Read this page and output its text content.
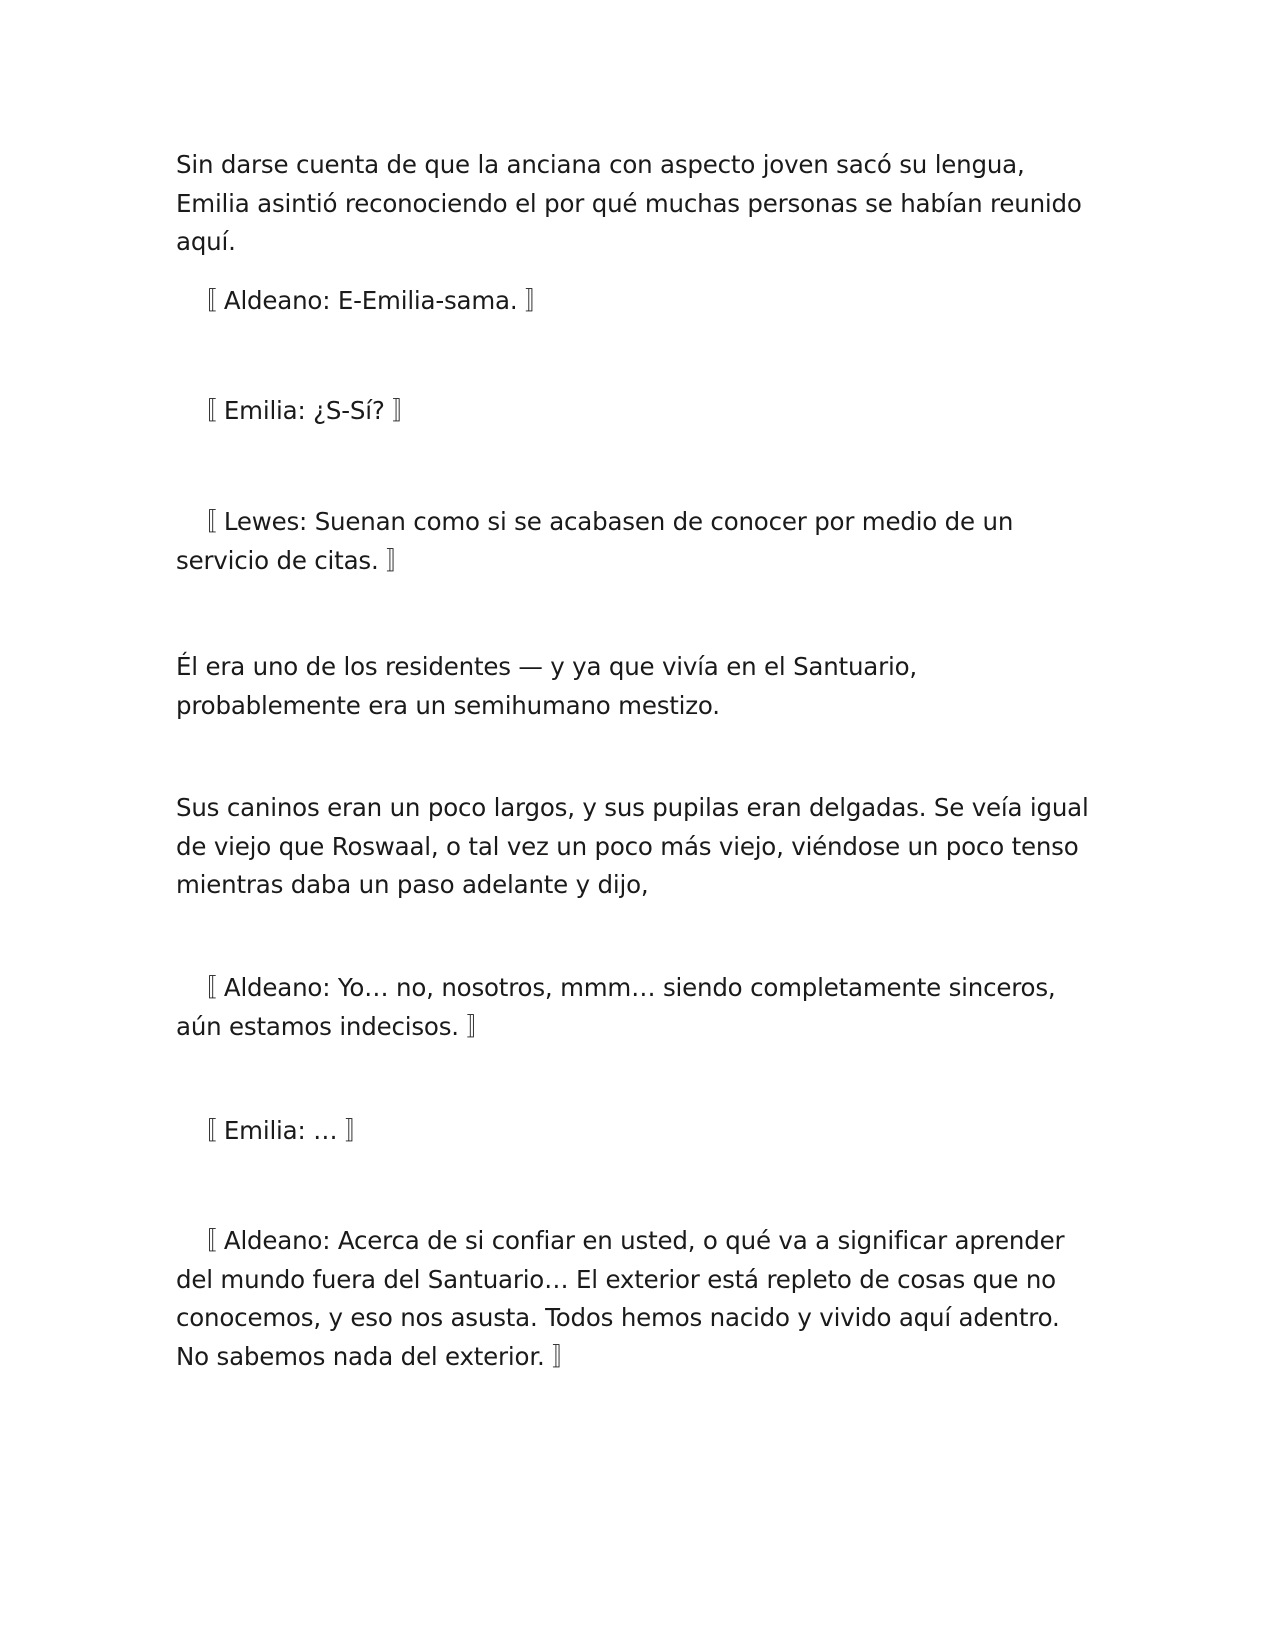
Sin darse cuenta de que la anciana con aspecto joven sacó su lengua, Emilia asintió reconociendo el por qué muchas personas se habían reunido aquí.

〚 Aldeano: E-Emilia-sama. 〛

〚 Emilia: ¿S-Sí? 〛

〚 Lewes: Suenan como si se acabasen de conocer por medio de un servicio de citas. 〛

Él era uno de los residentes — y ya que vivía en el Santuario, probablemente era un semihumano mestizo.

Sus caninos eran un poco largos, y sus pupilas eran delgadas. Se veía igual de viejo que Roswaal, o tal vez un poco más viejo, viéndose un poco tenso mientras daba un paso adelante y dijo,

〚 Aldeano: Yo… no, nosotros, mmm… siendo completamente sinceros, aún estamos indecisos. 〛

〚 Emilia: … 〛

〚 Aldeano: Acerca de si confiar en usted, o qué va a significar aprender del mundo fuera del Santuario… El exterior está repleto de cosas que no conocemos, y eso nos asusta. Todos hemos nacido y vivido aquí adentro. No sabemos nada del exterior. 〛
